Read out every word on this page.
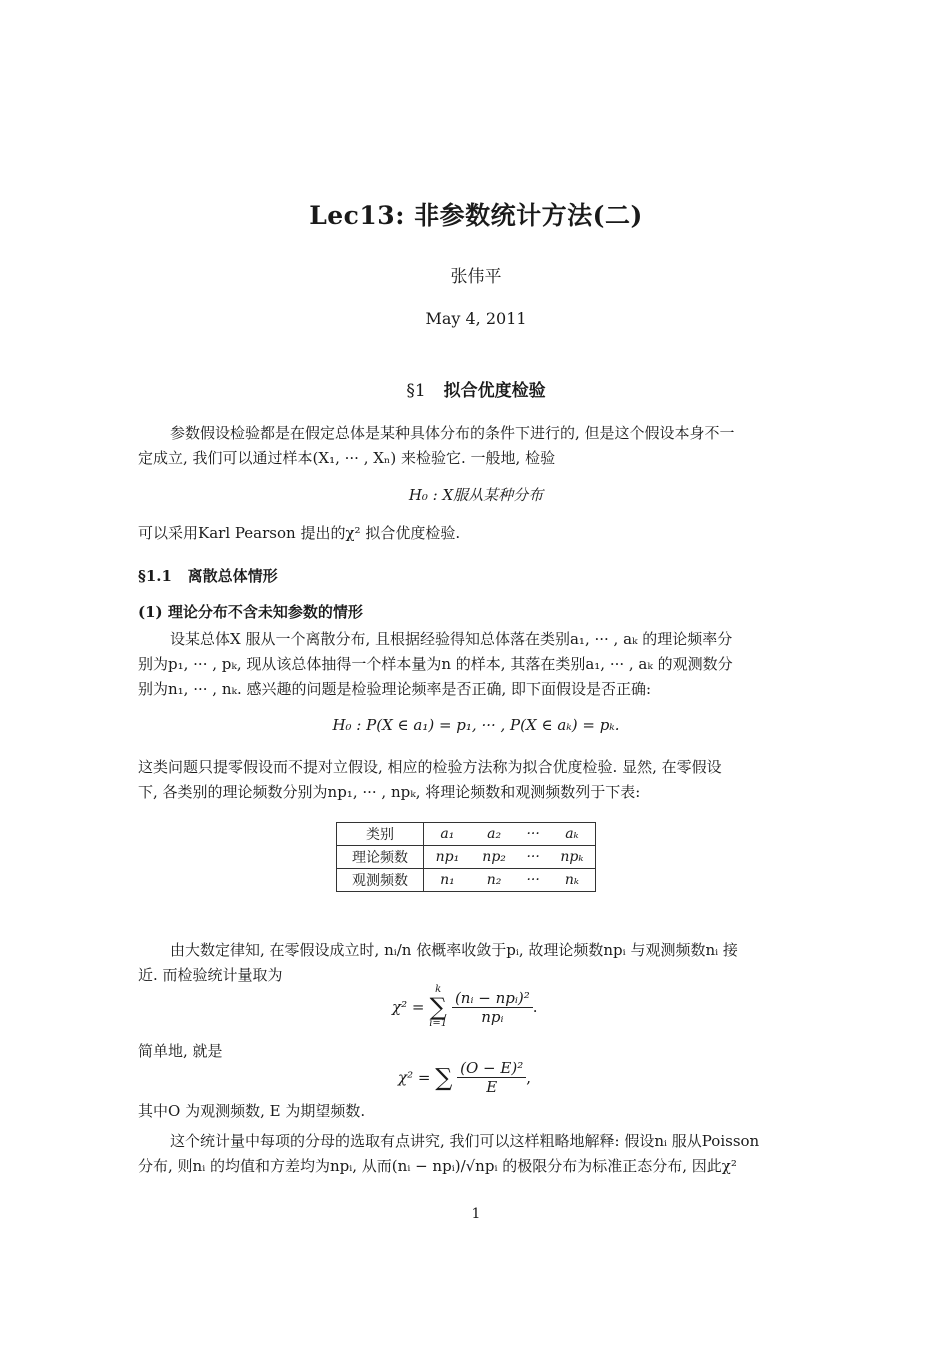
Lec13: 非参数统计方法(二)
张伟平
May 4, 2011
§1 拟合优度检验
参数假设检验都是在假定总体是某种具体分布的条件下进行的, 但是这个假设本身不一
定成立, 我们可以通过样本(X₁, ··· , Xₙ) 来检验它. 一般地, 检验
H₀ : X服从某种分布
可以采用Karl Pearson 提出的χ² 拟合优度检验.
§1.1 离散总体情形
(1) 理论分布不含未知参数的情形
设某总体X 服从一个离散分布, 且根据经验得知总体落在类别a₁, ··· , aₖ 的理论频率分
别为p₁, ··· , pₖ, 现从该总体抽得一个样本量为n 的样本, 其落在类别a₁, ··· , aₖ 的观测数分
别为n₁, ··· , nₖ. 感兴趣的问题是检验理论频率是否正确, 即下面假设是否正确:
H₀ : P(X ∈ a₁) = p₁, ··· , P(X ∈ aₖ) = pₖ.
这类问题只提零假设而不提对立假设, 相应的检验方法称为拟合优度检验. 显然, 在零假设
下, 各类别的理论频数分别为np₁, ··· , npₖ, 将理论频数和观测频数列于下表:
类别	a₁	a₂	···	aₖ
理论频数	np₁	np₂	···	npₖ
观测频数	n₁	n₂	···	nₖ
由大数定律知, 在零假设成立时, nᵢ/n 依概率收敛于pᵢ, 故理论频数npᵢ 与观测频数nᵢ 接
近. 而检验统计量取为
χ² =
k
∑
i=1
$\frac{\text{(nᵢ − npᵢ)²}}{\text{npᵢ}}$ .
简单地, 就是
χ² = ∑ $\frac{\text{(O − E)²}}{E}$ ,
其中O 为观测频数, E 为期望频数.
这个统计量中每项的分母的选取有点讲究, 我们可以这样粗略地解释: 假设nᵢ 服从Poisson
分布, 则nᵢ 的均值和方差均为npᵢ, 从而(nᵢ − npᵢ)/√npᵢ 的极限分布为标准正态分布, 因此χ²
1
